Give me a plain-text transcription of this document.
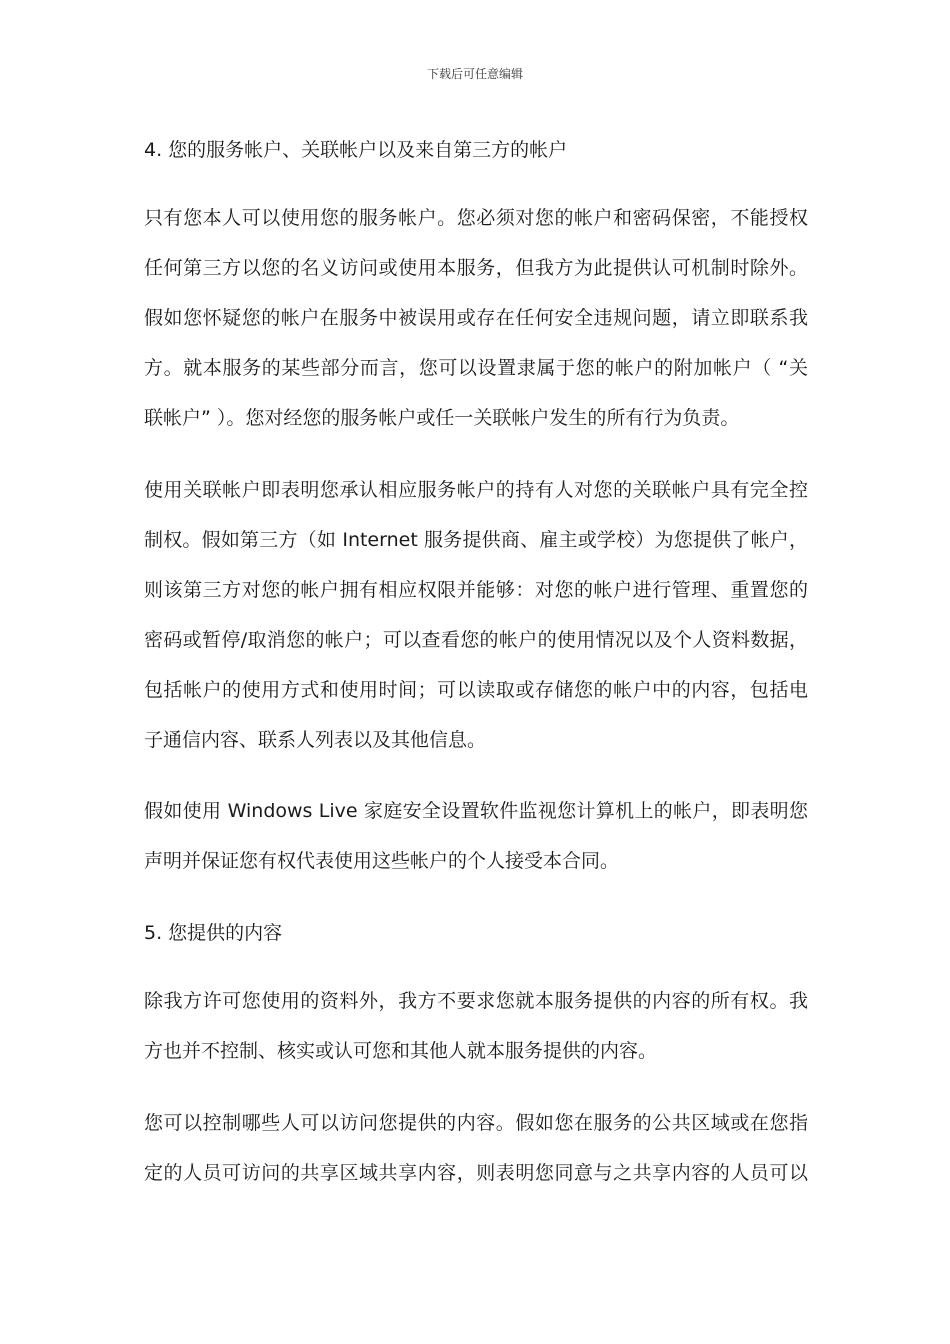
下载后可任意编辑
4. 您的服务帐户、关联帐户以及来自第三方的帐户
只有您本人可以使用您的服务帐户。您必须对您的帐户和密码保密，不能授权
任何第三方以您的名义访问或使用本服务，但我方为此提供认可机制时除外。
假如您怀疑您的帐户在服务中被误用或存在任何安全违规问题，请立即联系我
方。就本服务的某些部分而言，您可以设置隶属于您的帐户的附加帐户（ “关
联帐户” ）。您对经您的服务帐户或任一关联帐户发生的所有行为负责。
使用关联帐户即表明您承认相应服务帐户的持有人对您的关联帐户具有完全控
制权。假如第三方（如 Internet 服务提供商、雇主或学校）为您提供了帐户，
则该第三方对您的帐户拥有相应权限并能够：对您的帐户进行管理、重置您的
密码或暂停/取消您的帐户；可以查看您的帐户的使用情况以及个人资料数据，
包括帐户的使用方式和使用时间；可以读取或存储您的帐户中的内容，包括电
子通信内容、联系人列表以及其他信息。
假如使用 Windows Live 家庭安全设置软件监视您计算机上的帐户，即表明您
声明并保证您有权代表使用这些帐户的个人接受本合同。
5. 您提供的内容
除我方许可您使用的资料外，我方不要求您就本服务提供的内容的所有权。我
方也并不控制、核实或认可您和其他人就本服务提供的内容。
您可以控制哪些人可以访问您提供的内容。假如您在服务的公共区域或在您指
定的人员可访问的共享区域共享内容，则表明您同意与之共享内容的人员可以
